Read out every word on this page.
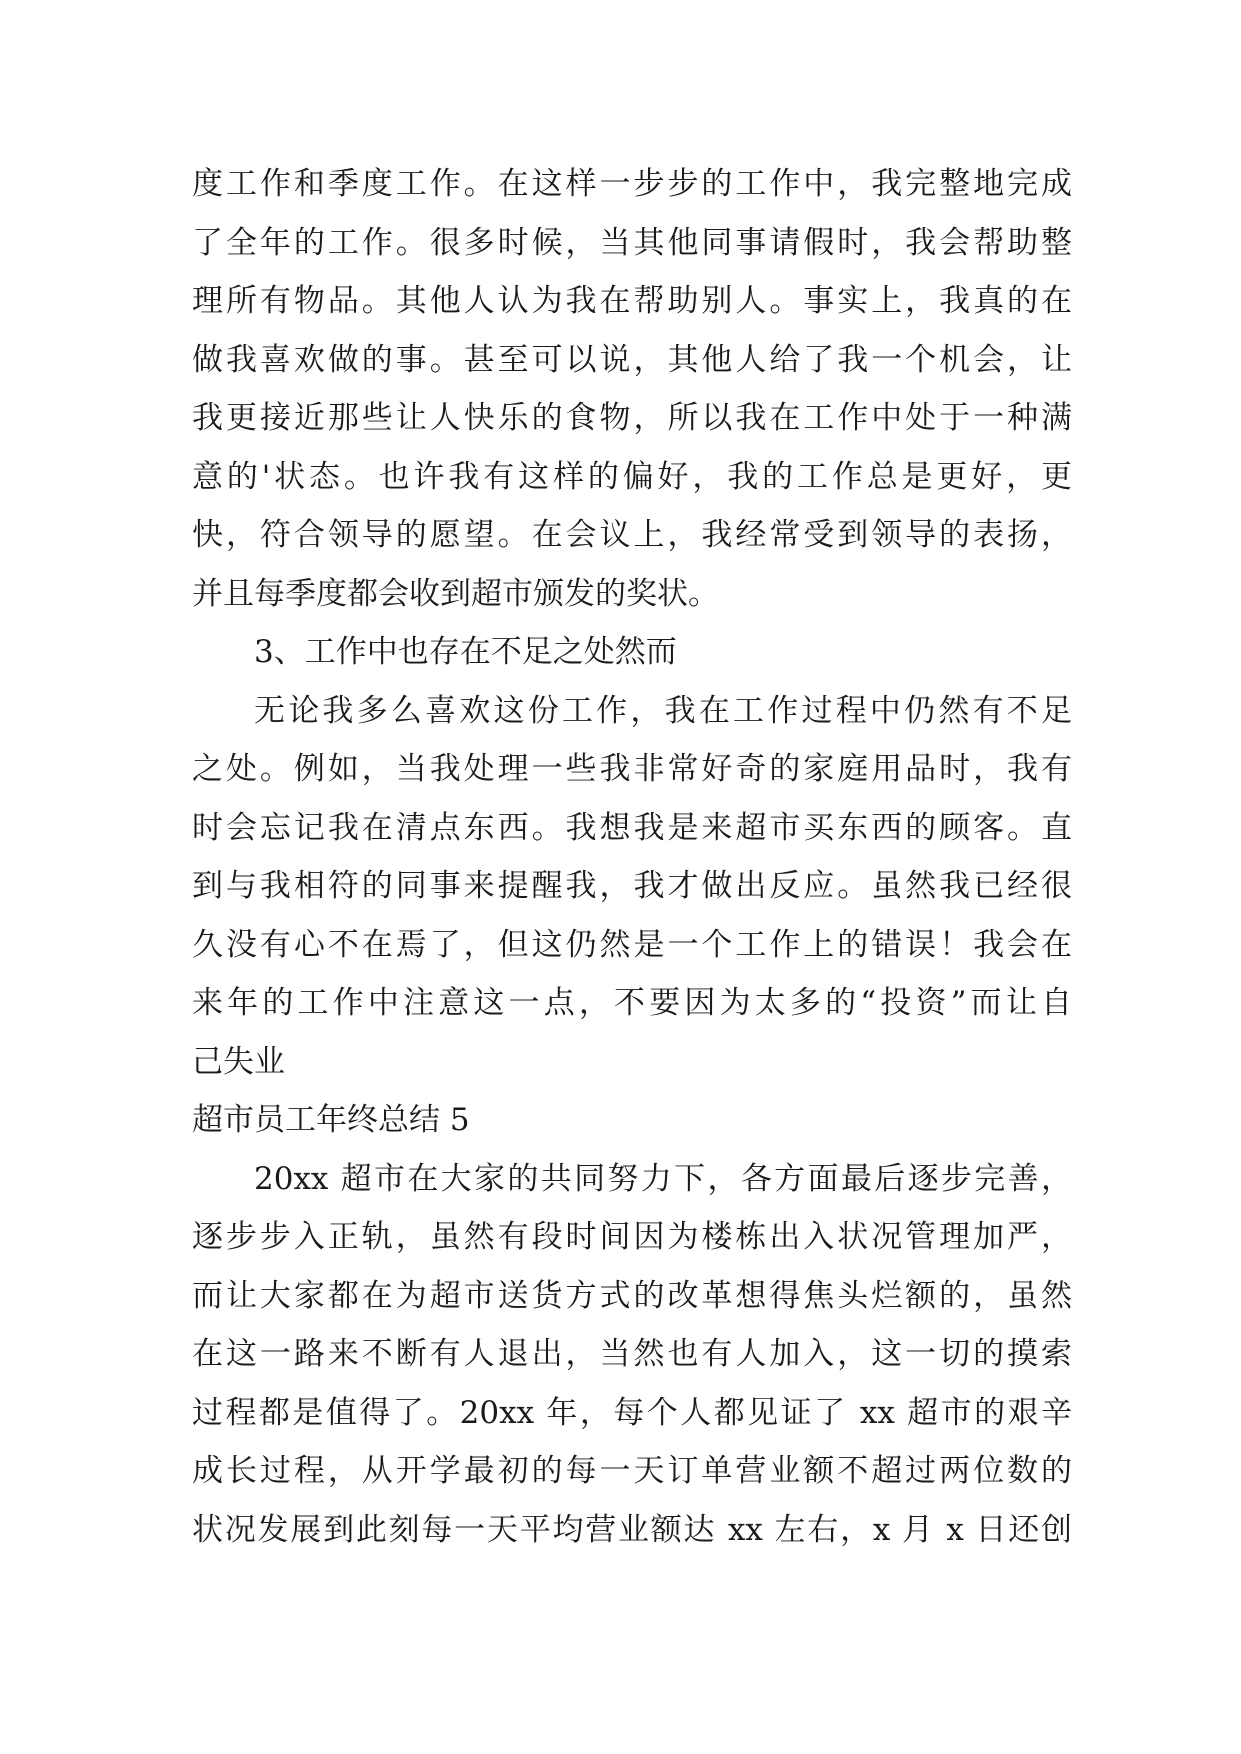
度工作和季度工作。在这样一步步的工作中，我完整地完成
了全年的工作。很多时候，当其他同事请假时，我会帮助整
理所有物品。其他人认为我在帮助别人。事实上，我真的在
做我喜欢做的事。甚至可以说，其他人给了我一个机会，让
我更接近那些让人快乐的食物，所以我在工作中处于一种满
意的'状态。也许我有这样的偏好，我的工作总是更好，更
快，符合领导的愿望。在会议上，我经常受到领导的表扬，
并且每季度都会收到超市颁发的奖状。
3、工作中也存在不足之处然而
无论我多么喜欢这份工作，我在工作过程中仍然有不足
之处。例如，当我处理一些我非常好奇的家庭用品时，我有
时会忘记我在清点东西。我想我是来超市买东西的顾客。直
到与我相符的同事来提醒我，我才做出反应。虽然我已经很
久没有心不在焉了，但这仍然是一个工作上的错误！我会在
来年的工作中注意这一点，不要因为太多的“投资”而让自
己失业
超市员工年终总结 5
20xx 超市在大家的共同努力下，各方面最后逐步完善，
逐步步入正轨，虽然有段时间因为楼栋出入状况管理加严，
而让大家都在为超市送货方式的改革想得焦头烂额的，虽然
在这一路来不断有人退出，当然也有人加入，这一切的摸索
过程都是值得了。20xx 年，每个人都见证了 xx 超市的艰辛
成长过程，从开学最初的每一天订单营业额不超过两位数的
状况发展到此刻每一天平均营业额达 xx 左右，x 月 x 日还创
